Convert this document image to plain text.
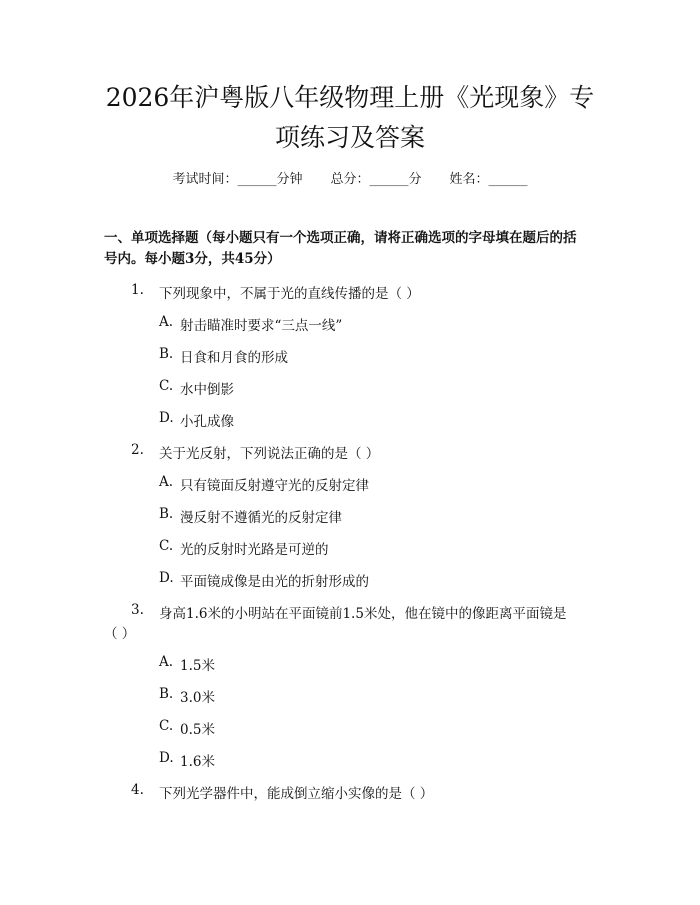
2026年沪粤版八年级物理上册《光现象》专
项练习及答案
考试时间：______分钟 总分：______分 姓名：______
一、单项选择题（每小题只有一个选项正确，请将正确选项的字母填在题后的括
号内。每小题3分，共45分）
1. 下列现象中，不属于光的直线传播的是（ ）
A. 射击瞄准时要求“三点一线”
B. 日食和月食的形成
C. 水中倒影
D. 小孔成像
2. 关于光反射，下列说法正确的是（ ）
A. 只有镜面反射遵守光的反射定律
B. 漫反射不遵循光的反射定律
C. 光的反射时光路是可逆的
D. 平面镜成像是由光的折射形成的
3. 身高1.6米的小明站在平面镜前1.5米处，他在镜中的像距离平面镜是
（ ）
A. 1.5米
B. 3.0米
C. 0.5米
D. 1.6米
4. 下列光学器件中，能成倒立缩小实像的是（ ）
